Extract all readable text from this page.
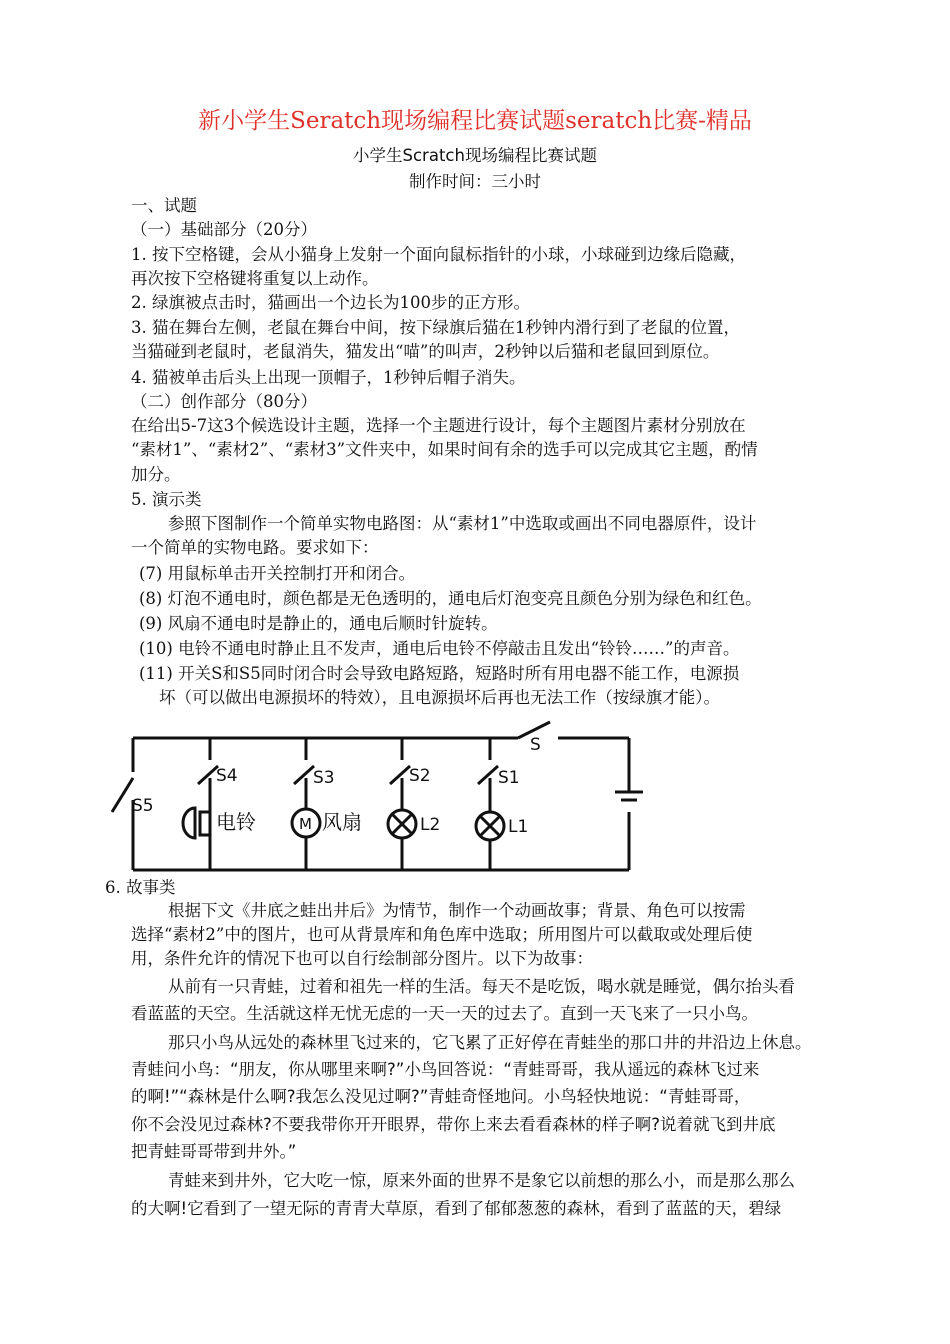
新小学生Seratch现场编程比赛试题seratch比赛-精品
小学生Scratch现场编程比赛试题
制作时间：三小时
一、试题
（一）基础部分（20分）
1. 按下空格键，会从小猫身上发射一个面向鼠标指针的小球，小球碰到边缘后隐藏，
再次按下空格键将重复以上动作。
2. 绿旗被点击时，猫画出一个边长为100步的正方形。
3. 猫在舞台左侧，老鼠在舞台中间，按下绿旗后猫在1秒钟内滑行到了老鼠的位置，
当猫碰到老鼠时，老鼠消失，猫发出“喵”的叫声，2秒钟以后猫和老鼠回到原位。
4. 猫被单击后头上出现一顶帽子，1秒钟后帽子消失。
（二）创作部分（80分）
在给出5-7这3个候选设计主题，选择一个主题进行设计，每个主题图片素材分别放在
“素材1”、“素材2”、“素材3”文件夹中，如果时间有余的选手可以完成其它主题，酌情
加分。
5. 演示类
参照下图制作一个简单实物电路图：从“素材1”中选取或画出不同电器原件，设计
一个简单的实物电路。要求如下：
(7) 用鼠标单击开关控制打开和闭合。
(8) 灯泡不通电时，颜色都是无色透明的，通电后灯泡变亮且颜色分别为绿色和红色。
(9) 风扇不通电时是静止的，通电后顺时针旋转。
(10) 电铃不通电时静止且不发声，通电后电铃不停敲击且发出“铃铃……”的声音。
(11) 开关S和S5同时闭合时会导致电路短路，短路时所有用电器不能工作，电源损
坏（可以做出电源损坏的特效），且电源损坏后再也无法工作（按绿旗才能）。
S
S5
S4	S3	S2	S1
电铃	M 风扇	L2	L1
6. 故事类
根据下文《井底之蛙出井后》为情节，制作一个动画故事；背景、角色可以按需
选择“素材2”中的图片，也可从背景库和角色库中选取；所用图片可以截取或处理后使
用，条件允许的情况下也可以自行绘制部分图片。以下为故事：
从前有一只青蛙，过着和祖先一样的生活。每天不是吃饭，喝水就是睡觉，偶尔抬头看
看蓝蓝的天空。生活就这样无忧无虑的一天一天的过去了。直到一天飞来了一只小鸟。
那只小鸟从远处的森林里飞过来的，它飞累了正好停在青蛙坐的那口井的井沿边上休息。
青蛙问小鸟：“朋友，你从哪里来啊?”小鸟回答说：“青蛙哥哥，我从遥远的森林飞过来
的啊!”“森林是什么啊?我怎么没见过啊?”青蛙奇怪地问。小鸟轻快地说：“青蛙哥哥，
你不会没见过森林?不要我带你开开眼界，带你上来去看看森林的样子啊?说着就飞到井底
把青蛙哥哥带到井外。”
青蛙来到井外，它大吃一惊，原来外面的世界不是象它以前想的那么小，而是那么那么
的大啊!它看到了一望无际的青青大草原，看到了郁郁葱葱的森林，看到了蓝蓝的天，碧绿
